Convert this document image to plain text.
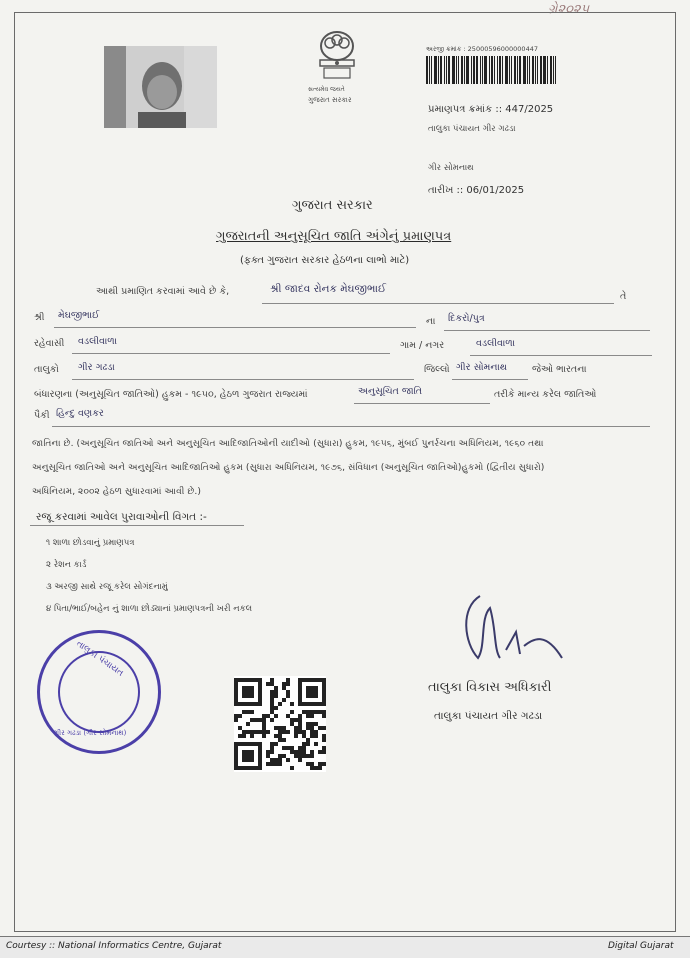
ગ્રે૨૦૨૫
સત્યમેવ જયતે
ગુજરાત સરકાર
અરજી ક્રમાંક : 25000596000000447
પ્રમાણપત્ર ક્રમાંક :: 447/2025
તાલુકા પંચાયત ગીર ગઢડા
ગીર સોમનાથ
તારીખ :: 06/01/2025
ગુજરાત સરકાર
ગુજરાતની અનુસૂચિત જાતિ અંગેનું પ્રમાણપત્ર
(ફક્ત ગુજરાત સરકાર હેઠળના લાભો માટે)
આથી પ્રમાણિત કરવામાં આવે છે કે,	શ્રી જાદવ રોનક મેઘજીભાઈ
તે
શ્રી મેઘજીભાઈ
ના દિકરો/પુત્ર
રહેવાસી વડલીવાળા	ગામ / નગર	વડલીવાળા
તાલુકો ગીર ગઢડા	જિલ્લો ગીર સોમનાથ	જેઓ ભારતના
બંધારણના (અનુસૂચિત જાતિઓ) હુકમ - ૧૯૫૦, હેઠળ ગુજરાત રાજ્યમાં	અનુસૂચિત જાતિ	તરીકે માન્ય કરેલ જાતિઓ
પૈકી હિન્દુ વણકર
જાતિના છે. (અનુસૂચિત જાતિઓ અને અનુસૂચિત આદિજાતિઓની યાદીઓ (સુધારા) હુકમ, ૧૯૫૬, મુંબઈ પુનર્રચના અધિનિયમ, ૧૯૬૦ તથા
અનુસૂચિત જાતિઓ અને અનુસૂચિત આદિજાતિઓ હુકમ (સુધારા અધિનિયમ, ૧૯૭૬, સંવિધાન (અનુસૂચિત જાતિઓ)હુકમો (દ્વિતીય સુધારો)
અધિનિયમ, ૨૦૦૨ હેઠળ સુધારવામાં આવી છે.)
રજૂ કરવામાં આવેલ પુરાવાઓની વિગત :-
૧ શાળા છોડવાનું પ્રમાણપત્ર
૨ રેશન કાર્ડ
૩ અરજી સાથે રજૂ કરેલ સોગંદનામું
૪ પિતા/ભાઈ/બહેન નું શાળા છોડ્યાનાં પ્રમાણપત્રની ખરી નકલ
તાલુકા વિકાસ અધિકારી
તાલુકા પંચાયત ગીર ગઢડા
તાલુકા પંચાયત
ગીર ગઢડા (ગીર સોમનાથ)
Courtesy :: National Informatics Centre, Gujarat	Digital Gujarat
